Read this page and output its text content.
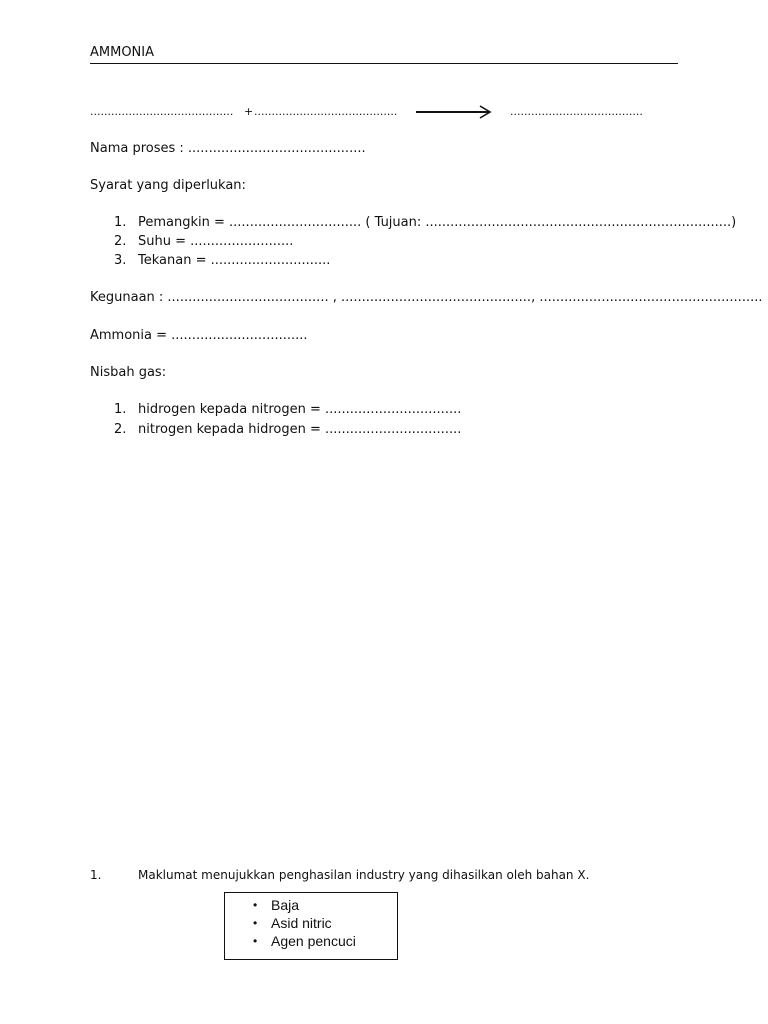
AMMONIA
......................................... + .........................................	......................................
Nama proses : ...........................................
Syarat yang diperlukan:
1. Pemangkin = ................................ ( Tujuan: ..........................................................................)
2. Suhu = .........................
3. Tekanan = .............................
Kegunaan : ....................................... , .............................................., ......................................................
Ammonia = .................................
Nisbah gas:
1. hidrogen kepada nitrogen = .................................
2. nitrogen kepada hidrogen = .................................
1.	Maklumat menujukkan penghasilan industry yang dihasilkan oleh bahan X.
• Baja
• Asid nitric
• Agen pencuci
